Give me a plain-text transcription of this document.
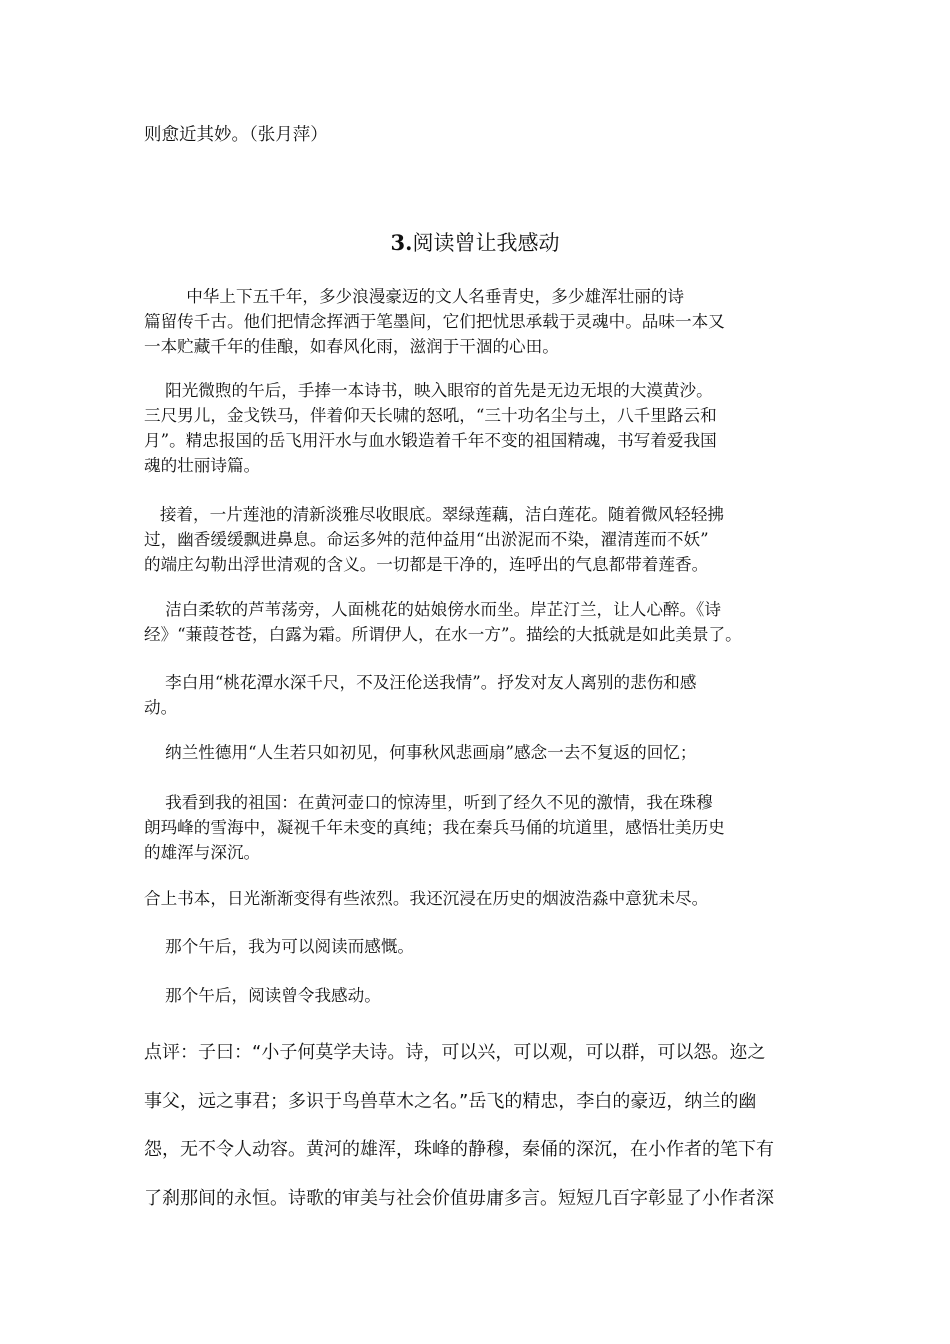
则愈近其妙。（张月萍）
3.阅读曾让我感动
中华上下五千年，多少浪漫豪迈的文人名垂青史，多少雄浑壮丽的诗
篇留传千古。他们把情念挥洒于笔墨间，它们把忧思承载于灵魂中。品味一本又
一本贮藏千年的佳酿，如春风化雨，滋润于干涸的心田。
阳光微煦的午后，手捧一本诗书，映入眼帘的首先是无边无垠的大漠黄沙。
三尺男儿，金戈铁马，伴着仰天长啸的怒吼，“三十功名尘与土，八千里路云和
月”。精忠报国的岳飞用汗水与血水锻造着千年不变的祖国精魂，书写着爱我国
魂的壮丽诗篇。
接着，一片莲池的清新淡雅尽收眼底。翠绿莲藕，洁白莲花。随着微风轻轻拂
过，幽香缓缓飘进鼻息。命运多舛的范仲益用“出淤泥而不染，濯清莲而不妖”
的端庄勾勒出浮世清观的含义。一切都是干净的，连呼出的气息都带着莲香。
洁白柔软的芦苇荡旁，人面桃花的姑娘傍水而坐。岸芷汀兰，让人心醉。《诗
经》“蒹葭苍苍，白露为霜。所谓伊人，在水一方”。描绘的大抵就是如此美景了。
李白用“桃花潭水深千尺，不及汪伦送我情”。抒发对友人离别的悲伤和感
动。
纳兰性德用“人生若只如初见，何事秋风悲画扇”感念一去不复返的回忆；
我看到我的祖国：在黄河壶口的惊涛里，听到了经久不见的激情，我在珠穆
朗玛峰的雪海中，凝视千年未变的真纯；我在秦兵马俑的坑道里，感悟壮美历史
的雄浑与深沉。
合上书本，日光渐渐变得有些浓烈。我还沉浸在历史的烟波浩淼中意犹未尽。
那个午后，我为可以阅读而感慨。
那个午后，阅读曾令我感动。
点评：子曰：“小子何莫学夫诗。诗，可以兴，可以观，可以群，可以怨。迩之
事父，远之事君；多识于鸟兽草木之名。”岳飞的精忠，李白的豪迈，纳兰的幽
怨，无不令人动容。黄河的雄浑，珠峰的静穆，秦俑的深沉，在小作者的笔下有
了刹那间的永恒。诗歌的审美与社会价值毋庸多言。短短几百字彰显了小作者深
